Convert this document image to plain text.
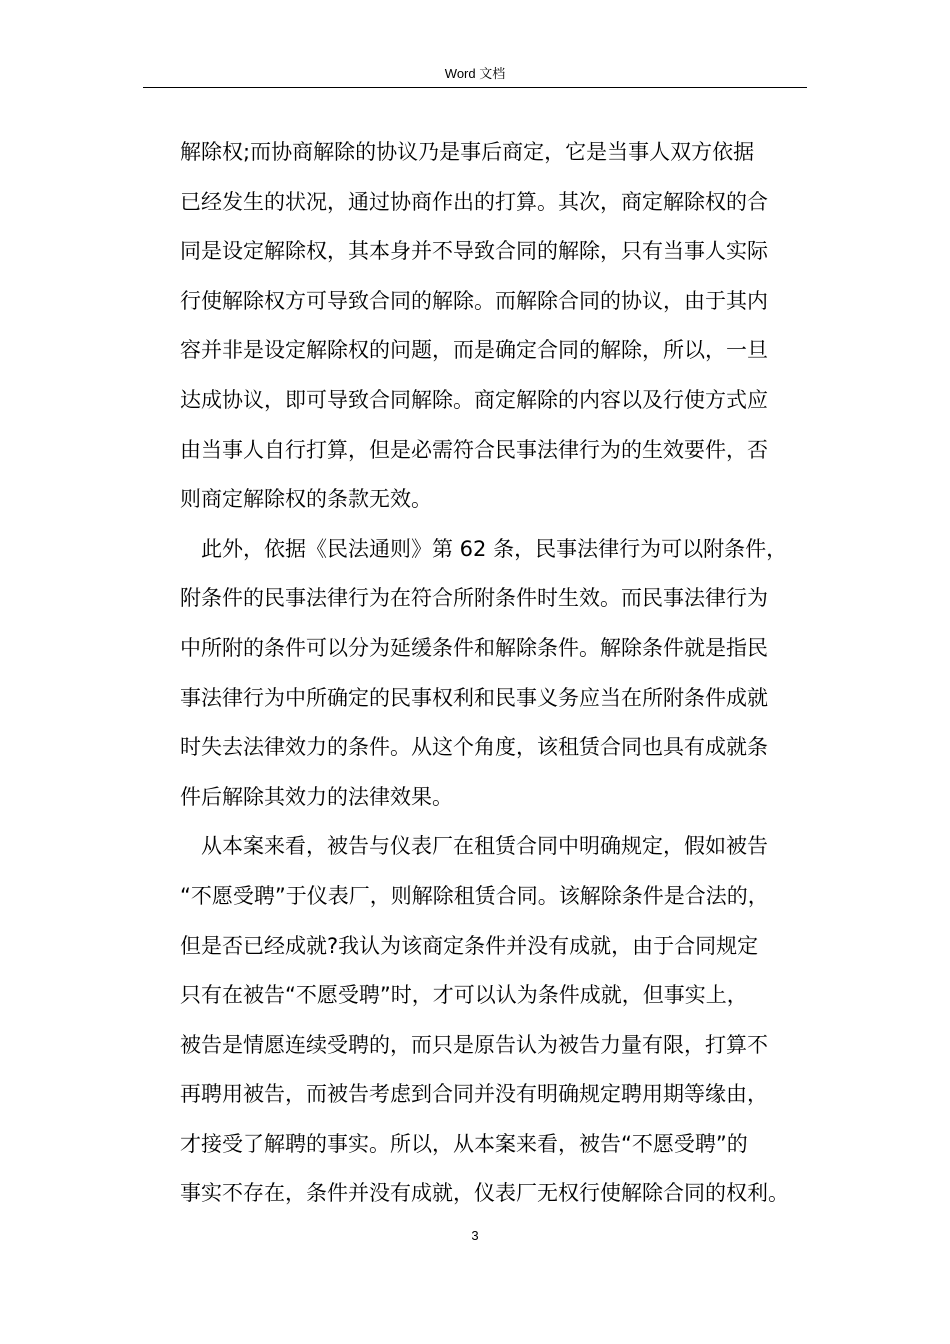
Word 文档
解除权;而协商解除的协议乃是事后商定，它是当事人双方依据
已经发生的状况，通过协商作出的打算。其次，商定解除权的合
同是设定解除权，其本身并不导致合同的解除，只有当事人实际
行使解除权方可导致合同的解除。而解除合同的协议，由于其内
容并非是设定解除权的问题，而是确定合同的解除，所以，一旦
达成协议，即可导致合同解除。商定解除的内容以及行使方式应
由当事人自行打算，但是必需符合民事法律行为的生效要件，否
则商定解除权的条款无效。
此外，依据《民法通则》第 62 条，民事法律行为可以附条件，
附条件的民事法律行为在符合所附条件时生效。而民事法律行为
中所附的条件可以分为延缓条件和解除条件。解除条件就是指民
事法律行为中所确定的民事权利和民事义务应当在所附条件成就
时失去法律效力的条件。从这个角度，该租赁合同也具有成就条
件后解除其效力的法律效果。
从本案来看，被告与仪表厂在租赁合同中明确规定，假如被告
“不愿受聘”于仪表厂，则解除租赁合同。该解除条件是合法的，
但是否已经成就?我认为该商定条件并没有成就，由于合同规定
只有在被告“不愿受聘”时，才可以认为条件成就，但事实上，
被告是情愿连续受聘的，而只是原告认为被告力量有限，打算不
再聘用被告，而被告考虑到合同并没有明确规定聘用期等缘由，
才接受了解聘的事实。所以，从本案来看，被告“不愿受聘”的
事实不存在，条件并没有成就，仪表厂无权行使解除合同的权利。
3
